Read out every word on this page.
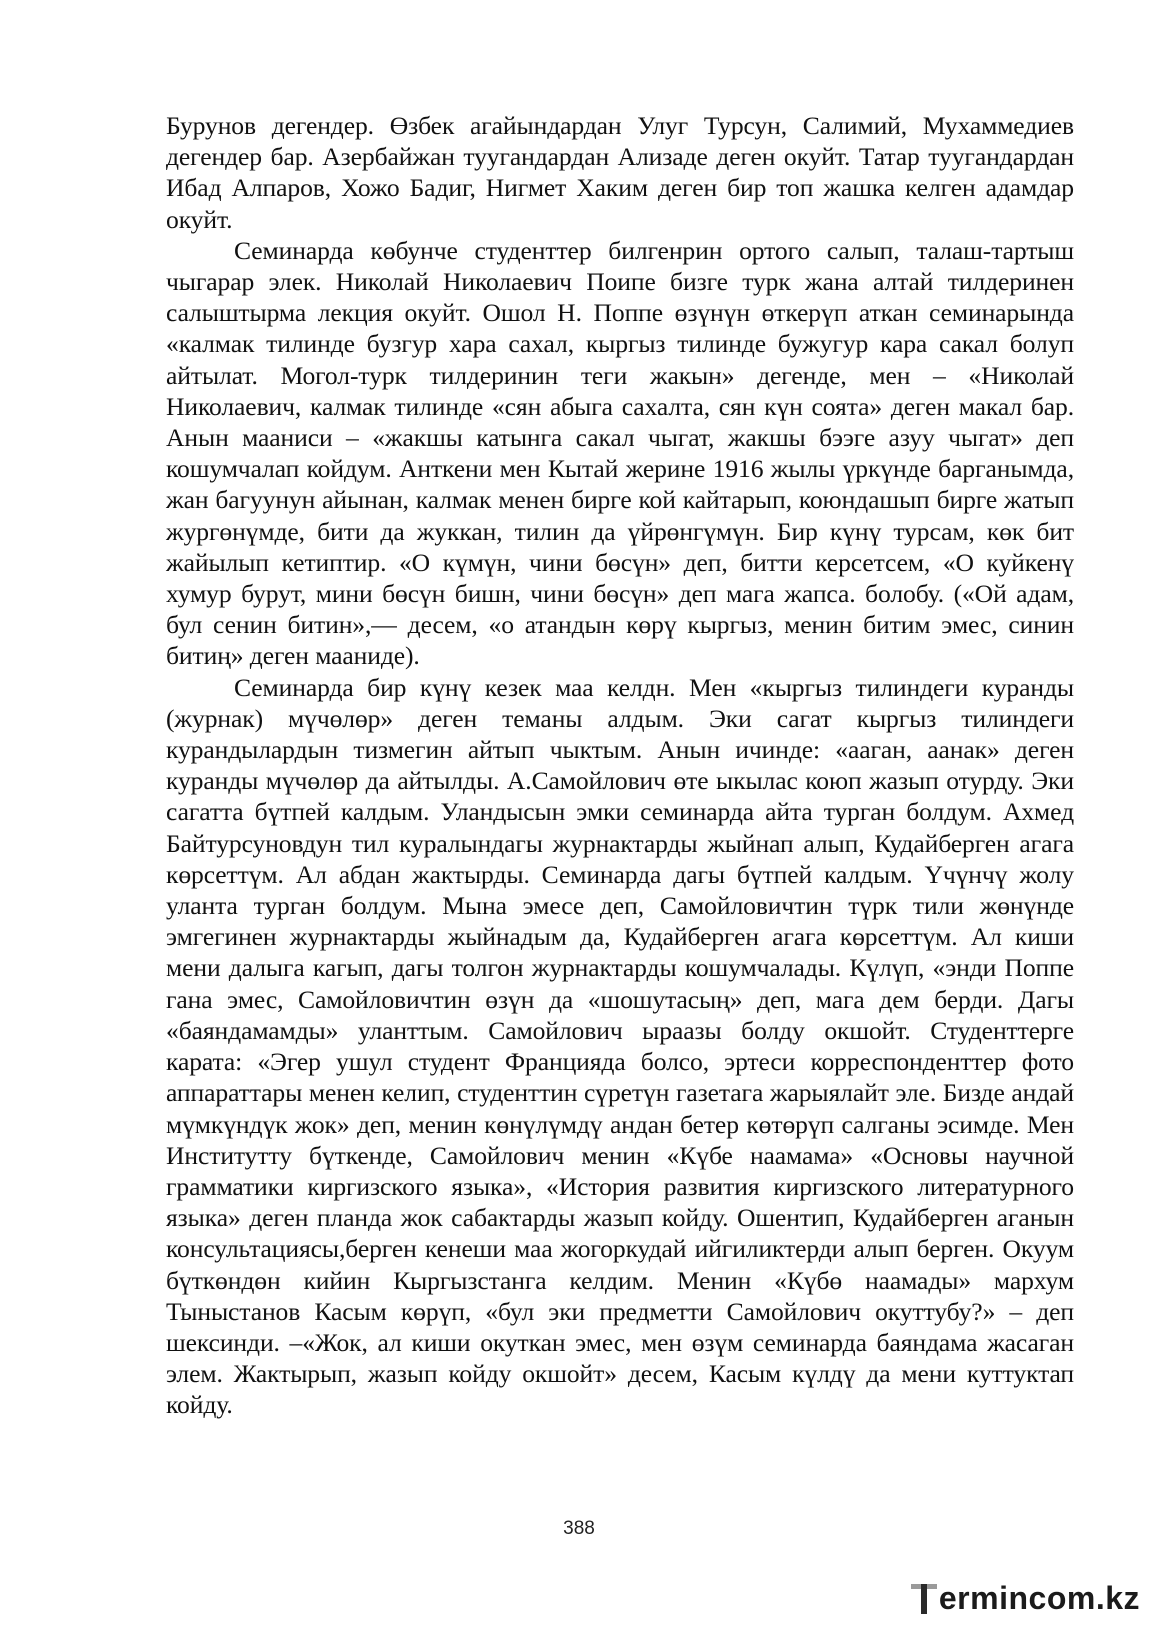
Бурунов дегендер. Өзбек агайындардан Улуг Турсун, Салимий, Мухаммедиев дегендер бар. Азербайжан туугандардан Ализаде деген окуйт. Татар туугандардан Ибад Алпаров, Хожо Бадиг, Нигмет Хаким деген бир топ жашка келген адамдар окуйт.

Семинарда көбунче студенттер билгенрин ортого салып, талаш-тартыш чыгарар элек. Николай Николаевич Поипе бизге турк жана алтай тилдеринен салыштырма лекция окуйт. Ошол Н. Поппе өзүнүн өткерүп аткан семинарында «калмак тилинде бузгур хара сахал, кыргыз тилинде бужугур кара сакал болуп айтылат. Могол-турк тилдеринин теги жакын» дегенде, мен – «Николай Николаевич, калмак тилинде «сян абыга сахалта, сян күн соята» деген макал бар. Анын мааниси – «жакшы катынга сакал чыгат, жакшы бээге азуу чыгат» деп кошумчалап койдум. Анткени мен Кытай жерине 1916 жылы үркүнде барганымда, жан багуунун айынан, калмак менен бирге кой кайтарып, коюндашып бирге жатып жургөнүмде, бити да жуккан, тилин да үйрөнгүмүн. Бир күнү турсам, көк бит жайылып кетиптир. «О күмүн, чини бөсүн» деп, битти керсетсем, «О куйкенү хумур бурут, мини бөсүн бишн, чини бөсүн» деп мага жапса. болобу. («Ой адам, бул сенин битин»,— десем, «о атандын көрү кыргыз, менин битим эмес, синин битиң» деген мааниде).

Семинарда бир күнү кезек маа келдн. Мен «кыргыз тилиндеги куранды (журнак) мүчөлөр» деген теманы алдым. Эки сагат кыргыз тилиндеги курандылардын тизмегин айтып чыктым. Анын ичинде: «ааган, аанак» деген куранды мүчөлөр да айтылды. А.Самойлович өте ыкылас коюп жазып отурду. Эки сагатта бүтпей калдым. Уландысын эмки семинарда айта турган болдум. Ахмед Байтурсуновдун тил куралындагы журнактарды жыйнап алып, Кудайберген агага көрсеттүм. Ал абдан жактырды. Семинарда дагы бүтпей калдым. Үчүнчү жолу уланта турган болдум. Мына эмесе деп, Самойловичтин түрк тили жөнүнде эмгегинен журнактарды жыйнадым да, Кудайберген агага көрсеттүм. Ал киши мени далыга кагып, дагы толгон журнактарды кошумчалады. Күлүп, «энди Поппе гана эмес, Самойловичтин өзүн да «шошутасың» деп, мага дем берди. Дагы «баяндамамды» уланттым. Самойлович ыраазы болду окшойт. Студенттерге карата: «Эгер ушул студент Францияда болсо, эртеси корреспонденттер фото аппараттары менен келип, студенттин сүретүн газетага жарыялайт эле. Бизде андай мүмкүндүк жок» деп, менин көнүлүмдү андан бетер көтөрүп салганы эсимде. Мен Институтту бүткенде, Самойлович менин «Күбе наамама» «Основы научной грамматики киргизского языка», «История развития киргизского литературного языка» деген планда жок сабактарды жазып койду. Ошентип, Кудайберген аганын консультациясы,берген кенеши маа жогоркудай ийгиликтерди алып берген. Окуум бүткөндөн кийин Кыргызстанга келдим. Менин «Күбө наамады» мархум Тыныстанов Касым көрүп, «бул эки предметти Самойлович окуттубу?» – деп шексинди. –«Жок, ал киши окуткан эмес, мен өзүм семинарда баяндама жасаган элем. Жактырып, жазып койду окшойт» десем, Касым күлдү да мени куттуктап койду.

388
ermincom.kz
